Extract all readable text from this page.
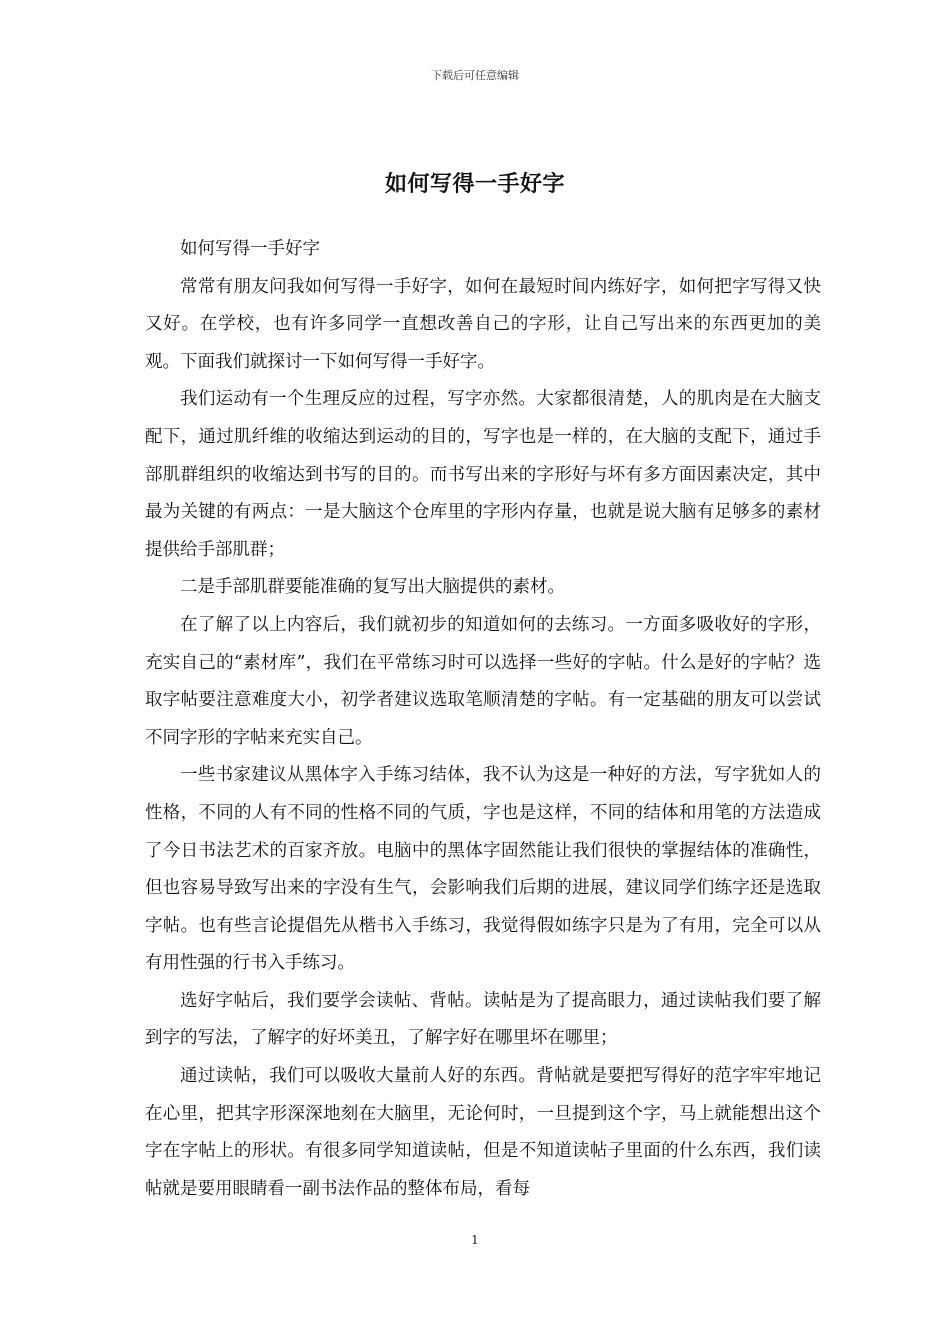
下载后可任意编辑
如何写得一手好字

如何写得一手好字

常常有朋友问我如何写得一手好字，如何在最短时间内练好字，如何把字写得又快又好。在学校，也有许多同学一直想改善自己的字形，让自己写出来的东西更加的美观。下面我们就探讨一下如何写得一手好字。

我们运动有一个生理反应的过程，写字亦然。大家都很清楚，人的肌肉是在大脑支配下，通过肌纤维的收缩达到运动的目的，写字也是一样的，在大脑的支配下，通过手部肌群组织的收缩达到书写的目的。而书写出来的字形好与坏有多方面因素决定，其中最为关键的有两点：一是大脑这个仓库里的字形内存量，也就是说大脑有足够多的素材提供给手部肌群；

二是手部肌群要能准确的复写出大脑提供的素材。

在了解了以上内容后，我们就初步的知道如何的去练习。一方面多吸收好的字形，充实自己的“素材库”，我们在平常练习时可以选择一些好的字帖。什么是好的字帖？选取字帖要注意难度大小，初学者建议选取笔顺清楚的字帖。有一定基础的朋友可以尝试不同字形的字帖来充实自己。

一些书家建议从黑体字入手练习结体，我不认为这是一种好的方法，写字犹如人的性格，不同的人有不同的性格不同的气质，字也是这样，不同的结体和用笔的方法造成了今日书法艺术的百家齐放。电脑中的黑体字固然能让我们很快的掌握结体的准确性，但也容易导致写出来的字没有生气，会影响我们后期的进展，建议同学们练字还是选取字帖。也有些言论提倡先从楷书入手练习，我觉得假如练字只是为了有用，完全可以从有用性强的行书入手练习。

选好字帖后，我们要学会读帖、背帖。读帖是为了提高眼力，通过读帖我们要了解到字的写法，了解字的好坏美丑，了解字好在哪里坏在哪里；

通过读帖，我们可以吸收大量前人好的东西。背帖就是要把写得好的范字牢牢地记在心里，把其字形深深地刻在大脑里，无论何时，一旦提到这个字，马上就能想出这个字在字帖上的形状。有很多同学知道读帖，但是不知道读帖子里面的什么东西，我们读帖就是要用眼睛看一副书法作品的整体布局，看每

1
